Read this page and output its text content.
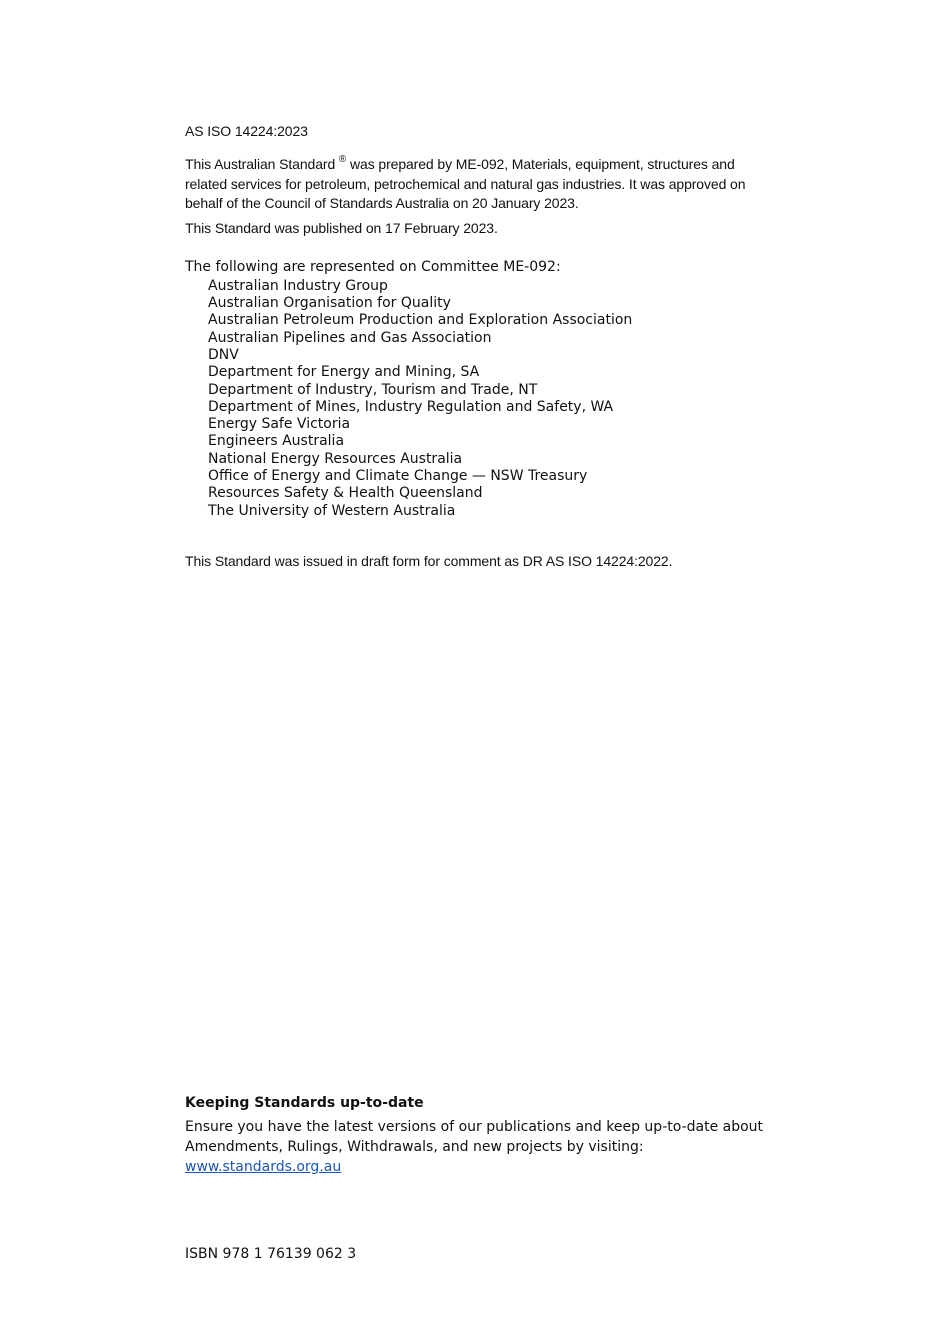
AS ISO 14224:2023
This Australian Standard ® was prepared by ME-092, Materials, equipment, structures and related services for petroleum, petrochemical and natural gas industries. It was approved on behalf of the Council of Standards Australia on 20 January 2023.
This Standard was published on 17 February 2023.
The following are represented on Committee ME-092:
Australian Industry Group
Australian Organisation for Quality
Australian Petroleum Production and Exploration Association
Australian Pipelines and Gas Association
DNV
Department for Energy and Mining, SA
Department of Industry, Tourism and Trade, NT
Department of Mines, Industry Regulation and Safety, WA
Energy Safe Victoria
Engineers Australia
National Energy Resources Australia
Office of Energy and Climate Change — NSW Treasury
Resources Safety & Health Queensland
The University of Western Australia
This Standard was issued in draft form for comment as DR AS ISO 14224:2022.
Keeping Standards up-to-date

Ensure you have the latest versions of our publications and keep up-to-date about Amendments, Rulings, Withdrawals, and new projects by visiting:
www.standards.org.au

ISBN 978 1 76139 062 3
